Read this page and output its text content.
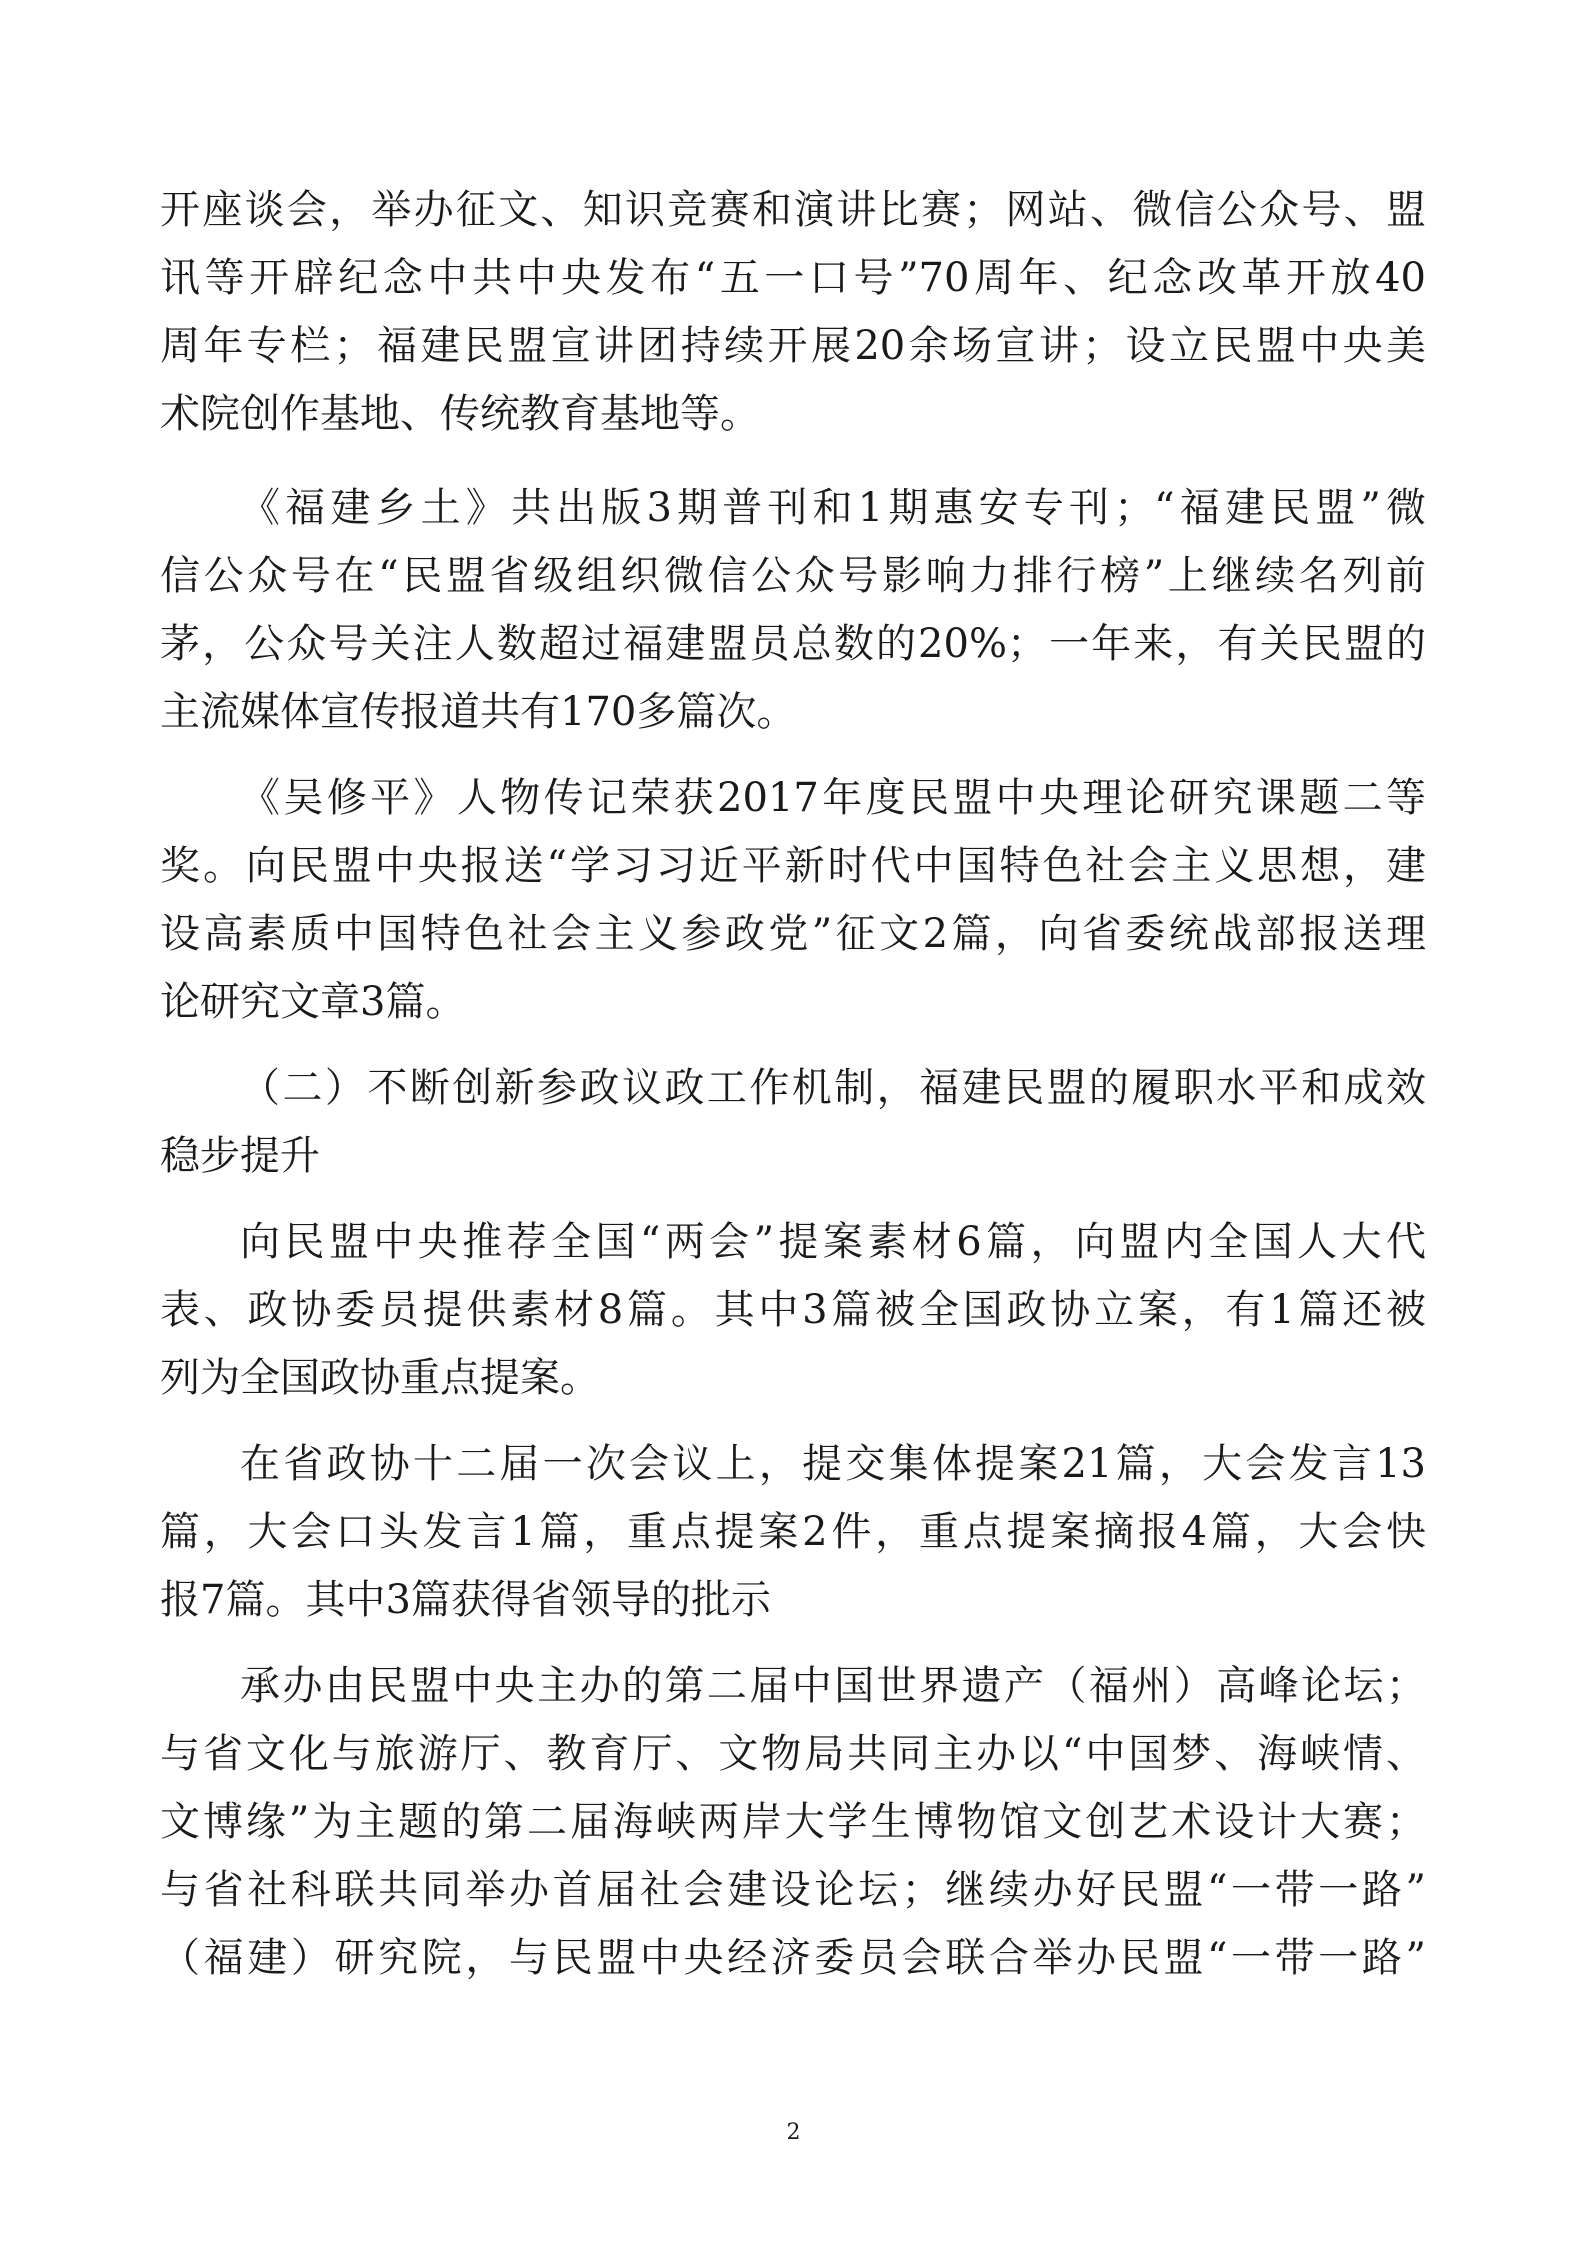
开座谈会，举办征文、知识竞赛和演讲比赛；网站、微信公众号、盟
讯等开辟纪念中共中央发布“五一口号”70周年、纪念改革开放40
周年专栏；福建民盟宣讲团持续开展20余场宣讲；设立民盟中央美
术院创作基地、传统教育基地等。
《福建乡土》共出版3期普刊和1期惠安专刊；“福建民盟”微
信公众号在“民盟省级组织微信公众号影响力排行榜”上继续名列前
茅，公众号关注人数超过福建盟员总数的20%；一年来，有关民盟的
主流媒体宣传报道共有170多篇次。
《吴修平》人物传记荣获2017年度民盟中央理论研究课题二等
奖。向民盟中央报送“学习习近平新时代中国特色社会主义思想，建
设高素质中国特色社会主义参政党”征文2篇，向省委统战部报送理
论研究文章3篇。
（二）不断创新参政议政工作机制，福建民盟的履职水平和成效
稳步提升
向民盟中央推荐全国“两会”提案素材6篇，向盟内全国人大代
表、政协委员提供素材8篇。其中3篇被全国政协立案，有1篇还被
列为全国政协重点提案。
在省政协十二届一次会议上，提交集体提案21篇，大会发言13
篇，大会口头发言1篇，重点提案2件，重点提案摘报4篇，大会快
报7篇。其中3篇获得省领导的批示
承办由民盟中央主办的第二届中国世界遗产（福州）高峰论坛；
与省文化与旅游厅、教育厅、文物局共同主办以“中国梦、海峡情、
文博缘”为主题的第二届海峡两岸大学生博物馆文创艺术设计大赛；
与省社科联共同举办首届社会建设论坛；继续办好民盟“一带一路”
（福建）研究院，与民盟中央经济委员会联合举办民盟“一带一路”
2
